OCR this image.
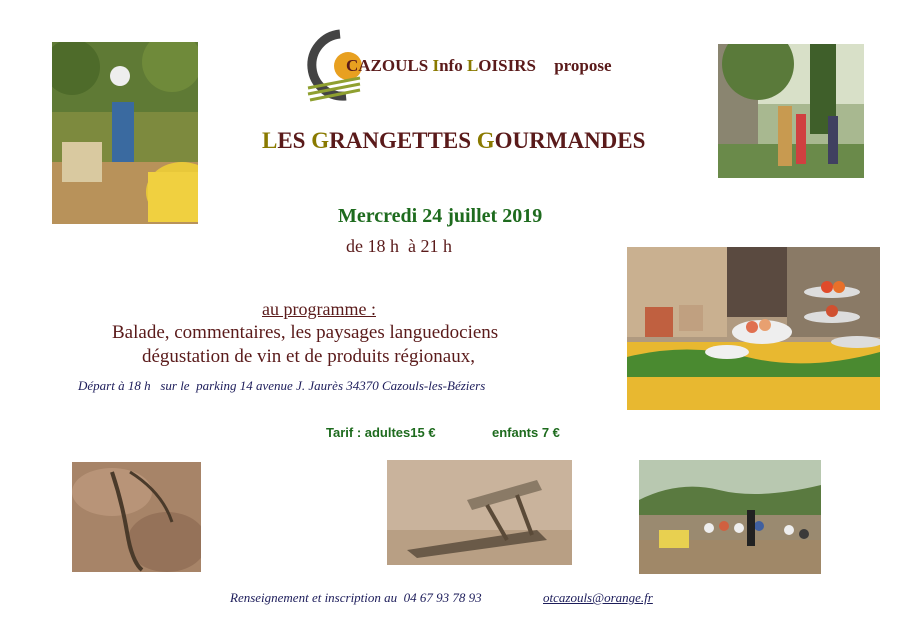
CAZOULS Info LOISIRS propose
LES GRANGETTES GOURMANDES
Mercredi 24 juillet 2019
de 18 h  à 21 h
au programme :
Balade, commentaires, les paysages languedociens
dégustation de vin et de produits régionaux,
Départ à 18 h   sur le  parking 14 avenue J. Jaurès 34370 Cazouls-les-Béziers
Tarif : adultes15 €	enfants 7 €
Renseignement et inscription au  04 67 93 78 93	otcazouls@orange.fr
